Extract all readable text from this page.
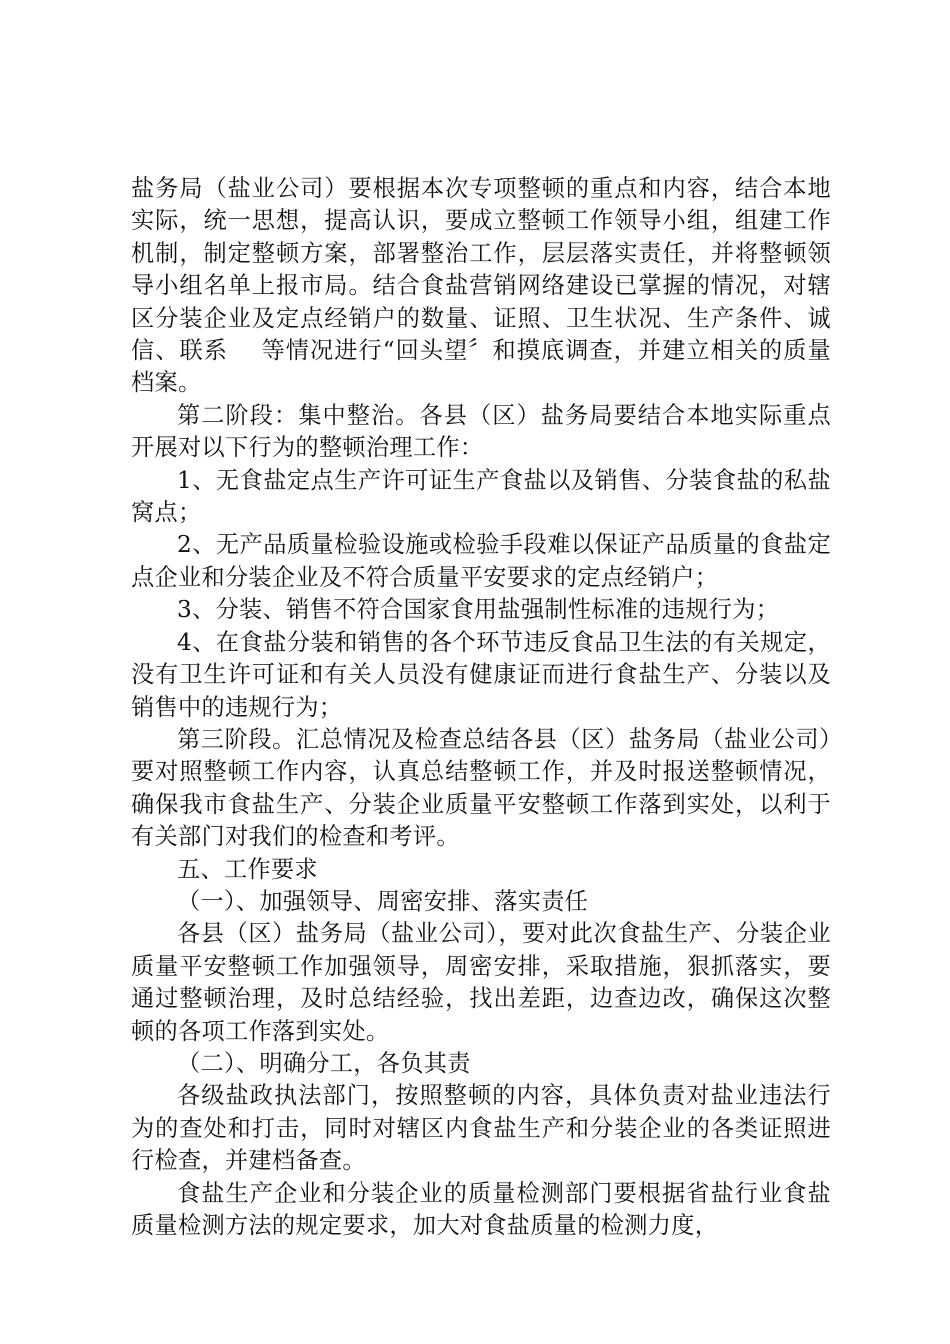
盐务局（盐业公司）要根据本次专项整顿的重点和内容，结合本地实际，统一思想，提高认识，要成立整顿工作领导小组，组建工作机制，制定整顿方案，部署整治工作，层层落实责任，并将整顿领导小组名单上报市局。结合食盐营销网络建设已掌握的情况，对辖区分装企业及定点经销户的数量、证照、卫生状况、生产条件、诚信、联系    等情况进行“回头望〞和摸底调查，并建立相关的质量档案。

第二阶段：集中整治。各县（区）盐务局要结合本地实际重点开展对以下行为的整顿治理工作：

1、无食盐定点生产许可证生产食盐以及销售、分装食盐的私盐窝点；

2、无产品质量检验设施或检验手段难以保证产品质量的食盐定点企业和分装企业及不符合质量平安要求的定点经销户；

3、分装、销售不符合国家食用盐强制性标准的违规行为；

4、在食盐分装和销售的各个环节违反食品卫生法的有关规定，没有卫生许可证和有关人员没有健康证而进行食盐生产、分装以及销售中的违规行为；

第三阶段。汇总情况及检查总结各县（区）盐务局（盐业公司）要对照整顿工作内容，认真总结整顿工作，并及时报送整顿情况，确保我市食盐生产、分装企业质量平安整顿工作落到实处，以利于有关部门对我们的检查和考评。

五、工作要求

（一）、加强领导、周密安排、落实责任

各县（区）盐务局（盐业公司），要对此次食盐生产、分装企业质量平安整顿工作加强领导，周密安排，采取措施，狠抓落实，要通过整顿治理，及时总结经验，找出差距，边查边改，确保这次整顿的各项工作落到实处。

（二）、明确分工，各负其责

各级盐政执法部门，按照整顿的内容，具体负责对盐业违法行为的查处和打击，同时对辖区内食盐生产和分装企业的各类证照进行检查，并建档备查。

食盐生产企业和分装企业的质量检测部门要根据省盐行业食盐质量检测方法的规定要求，加大对食盐质量的检测力度，
